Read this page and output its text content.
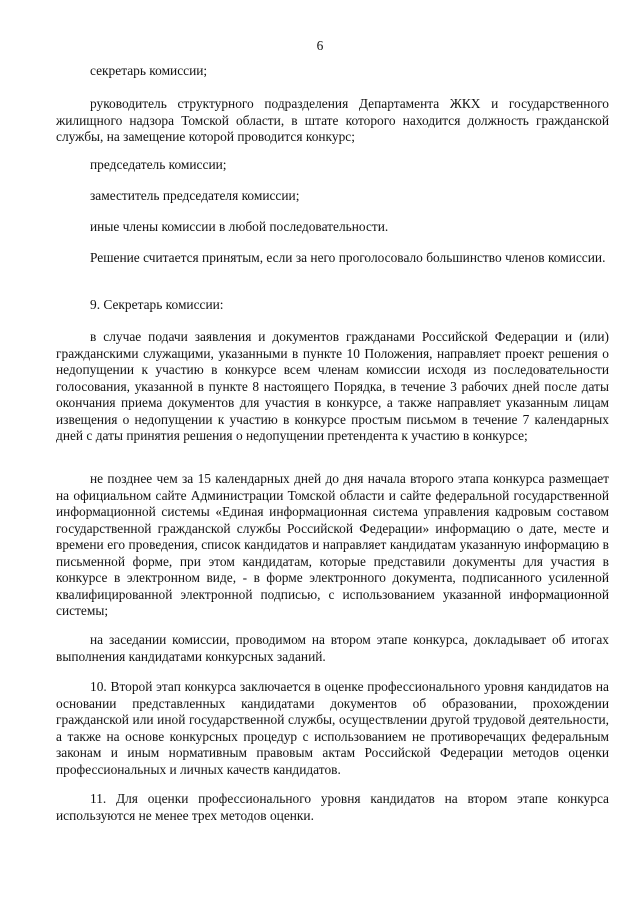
6

секретарь комиссии;

руководитель структурного подразделения Департамента ЖКХ и государственного жилищного надзора Томской области, в штате которого находится должность гражданской службы, на замещение которой проводится конкурс;

председатель комиссии;

заместитель председателя комиссии;

иные члены комиссии в любой последовательности.

Решение считается принятым, если за него проголосовало большинство членов комиссии.

9. Секретарь комиссии:

в случае подачи заявления и документов гражданами Российской Федерации и (или) гражданскими служащими, указанными в пункте 10 Положения, направляет проект решения о недопущении к участию в конкурсе всем членам комиссии исходя из последовательности голосования, указанной в пункте 8 настоящего Порядка, в течение 3 рабочих дней после даты окончания приема документов для участия в конкурсе, а также направляет указанным лицам извещения о недопущении к участию в конкурсе простым письмом в течение 7 календарных дней с даты принятия решения о недопущении претендента к участию в конкурсе;

не позднее чем за 15 календарных дней до дня начала второго этапа конкурса размещает на официальном сайте Администрации Томской области и сайте федеральной государственной информационной системы «Единая информационная система управления кадровым составом государственной гражданской службы Российской Федерации» информацию о дате, месте и времени его проведения, список кандидатов и направляет кандидатам указанную информацию в письменной форме, при этом кандидатам, которые представили документы для участия в конкурсе в электронном виде, - в форме электронного документа, подписанного усиленной квалифицированной электронной подписью, с использованием указанной информационной системы;

на заседании комиссии, проводимом на втором этапе конкурса, докладывает об итогах выполнения кандидатами конкурсных заданий.

10. Второй этап конкурса заключается в оценке профессионального уровня кандидатов на основании представленных кандидатами документов об образовании, прохождении гражданской или иной государственной службы, осуществлении другой трудовой деятельности, а также на основе конкурсных процедур с использованием не противоречащих федеральным законам и иным нормативным правовым актам Российской Федерации методов оценки профессиональных и личных качеств кандидатов.

11. Для оценки профессионального уровня кандидатов на втором этапе конкурса используются не менее трех методов оценки.
